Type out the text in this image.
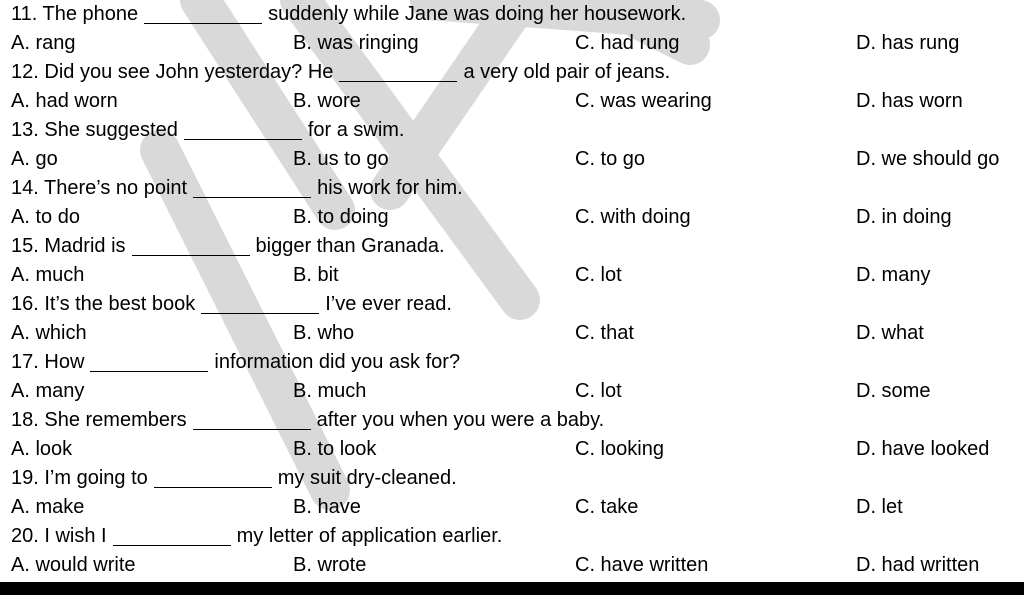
11. The phone	suddenly while Jane was doing her housework.
A. rang	B. was ringing	C. had rung	D. has rung
12. Did you see John yesterday? He	a very old pair of jeans.
A. had worn	B. wore	C. was wearing	D. has worn
13. She suggested	for a swim.
A. go	B. us to go	C. to go	D. we should go
14. There’s no point	his work for him.
A. to do	B. to doing	C. with doing	D. in doing
15. Madrid is	bigger than Granada.
A. much	B. bit	C. lot	D. many
16. It’s the best book	I’ve ever read.
A. which	B. who	C. that	D. what
17. How	information did you ask for?
A. many	B. much	C. lot	D. some
18. She remembers	after you when you were a baby.
A. look	B. to look	C. looking	D. have looked
19. I’m going to	my suit dry-cleaned.
A. make	B. have	C. take	D. let
20. I wish I	my letter of application earlier.
A. would write	B. wrote	C. have written	D. had written
